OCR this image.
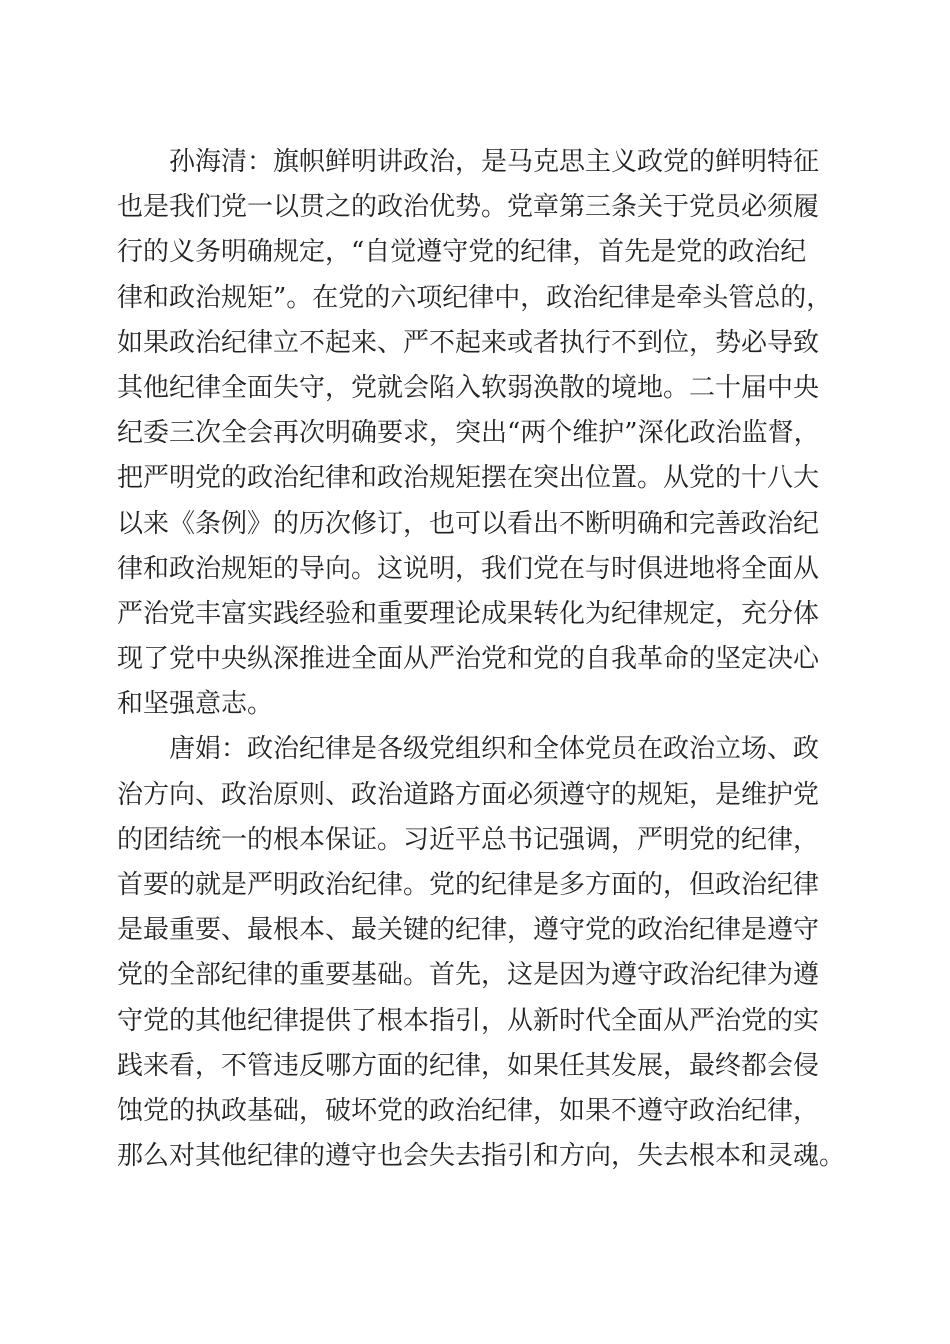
孙海清：旗帜鲜明讲政治，是马克思主义政党的鲜明特征
也是我们党一以贯之的政治优势。党章第三条关于党员必须履
行的义务明确规定，“自觉遵守党的纪律，首先是党的政治纪
律和政治规矩”。在党的六项纪律中，政治纪律是牵头管总的，
如果政治纪律立不起来、严不起来或者执行不到位，势必导致
其他纪律全面失守，党就会陷入软弱涣散的境地。二十届中央
纪委三次全会再次明确要求，突出“两个维护”深化政治监督，
把严明党的政治纪律和政治规矩摆在突出位置。从党的十八大
以来《条例》的历次修订，也可以看出不断明确和完善政治纪
律和政治规矩的导向。这说明，我们党在与时俱进地将全面从
严治党丰富实践经验和重要理论成果转化为纪律规定，充分体
现了党中央纵深推进全面从严治党和党的自我革命的坚定决心
和坚强意志。
唐娟：政治纪律是各级党组织和全体党员在政治立场、政
治方向、政治原则、政治道路方面必须遵守的规矩，是维护党
的团结统一的根本保证。习近平总书记强调，严明党的纪律，
首要的就是严明政治纪律。党的纪律是多方面的，但政治纪律
是最重要、最根本、最关键的纪律，遵守党的政治纪律是遵守
党的全部纪律的重要基础。首先，这是因为遵守政治纪律为遵
守党的其他纪律提供了根本指引，从新时代全面从严治党的实
践来看，不管违反哪方面的纪律，如果任其发展，最终都会侵
蚀党的执政基础，破坏党的政治纪律，如果不遵守政治纪律，
那么对其他纪律的遵守也会失去指引和方向，失去根本和灵魂。
